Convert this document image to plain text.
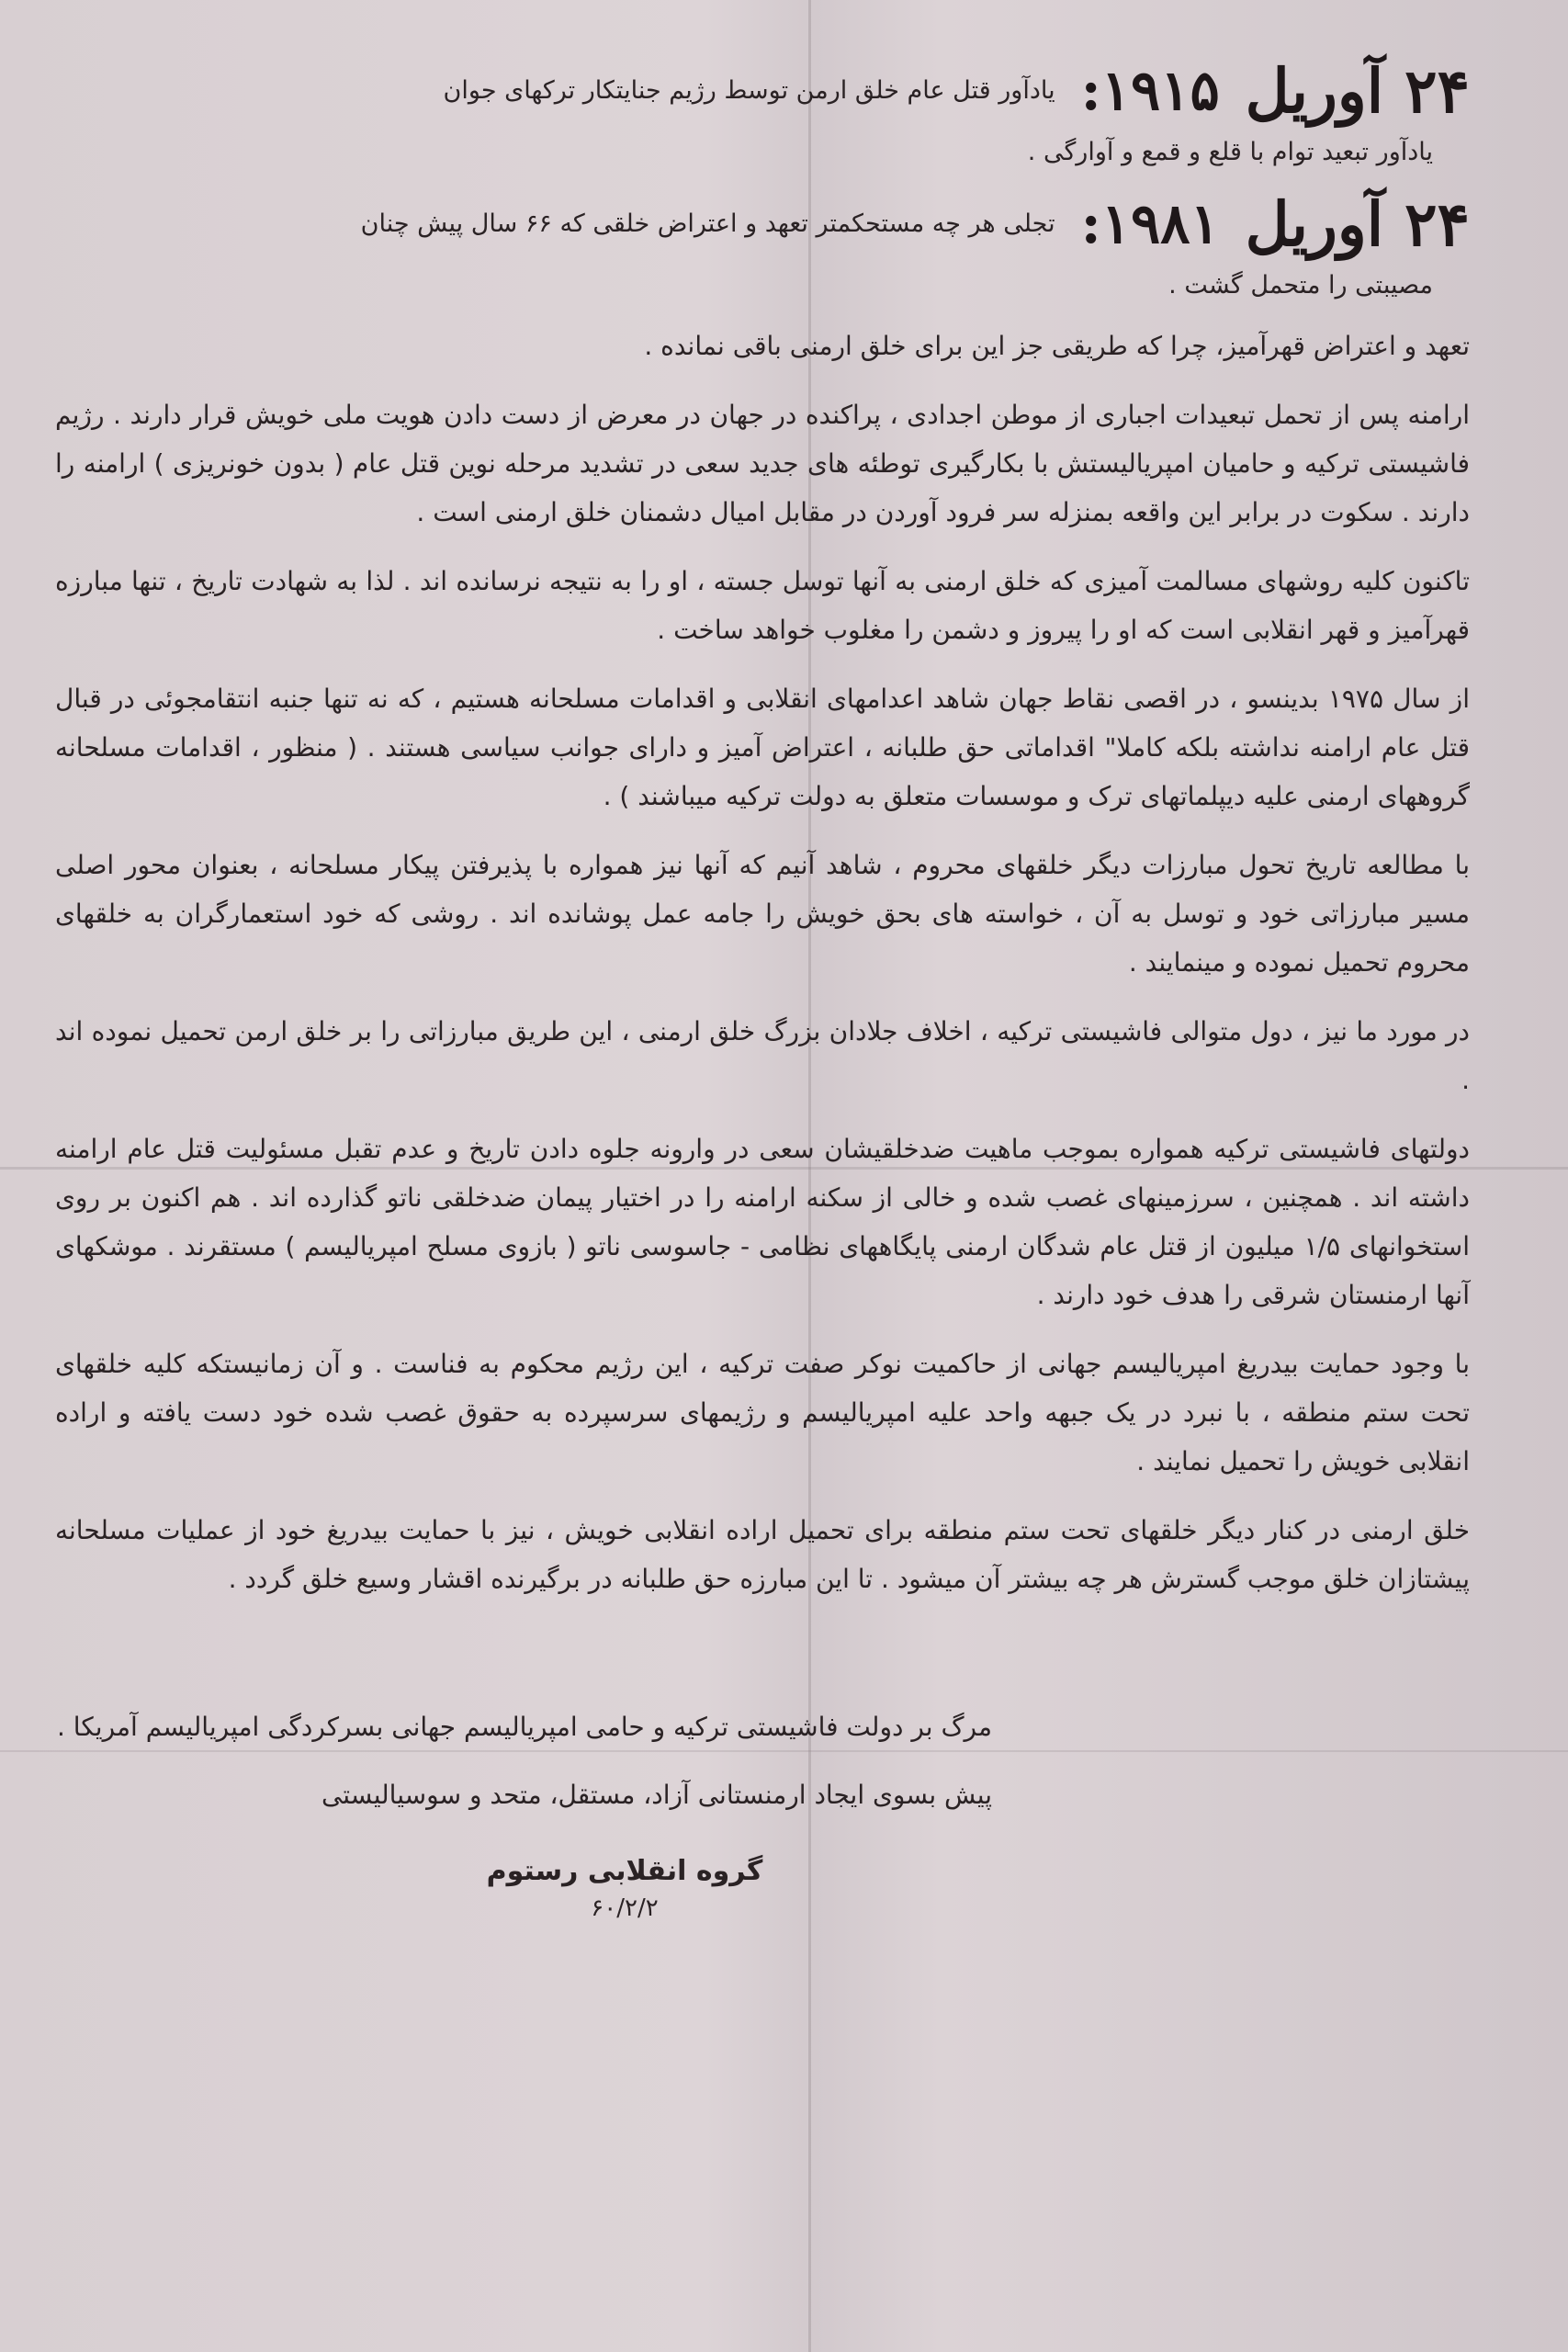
۲۴ آوریل
۱۹۱۵:
یادآور قتل عام خلق ارمن توسط رژیم جنایتکار ترکهای جوان
یادآور تبعید توام با قلع و قمع و آوارگی .
۲۴ آوریل
۱۹۸۱:
تجلی هر چه مستحکمتر تعهد و اعتراض خلقی که ۶۶ سال پیش چنان
مصیبتی را متحمل گشت .

تعهد و اعتراض قهرآمیز، چرا که طریقی جز این برای خلق ارمنی باقی نمانده .

ارامنه پس از تحمل تبعیدات اجباری از موطن اجدادی ، پراکنده در جهان در معرض از دست دادن هویت ملی خویش قرار دارند . رژیم فاشیستی ترکیه و حامیان امپریالیستش با بکارگیری توطئه های جدید سعی در تشدید مرحله نوین قتل عام ( بدون خونریزی ) ارامنه را دارند . سکوت در برابر این واقعه بمنزله سر فرود آوردن در مقابل امیال دشمنان خلق ارمنی است .

تاکنون کلیه روشهای مسالمت آمیزی که خلق ارمنی به آنها توسل جسته ، او را به نتیجه نرسانده اند . لذا به شهادت تاریخ ، تنها مبارزه قهرآمیز و قهر انقلابی است که او را پیروز و دشمن را مغلوب خواهد ساخت .

از سال ۱۹۷۵ بدینسو ، در اقصی نقاط جهان شاهد اعدامهای انقلابی و اقدامات مسلحانه هستیم ، که نه تنها جنبه انتقامجوئی در قبال قتل عام ارامنه نداشته بلکه کاملا" اقداماتی حق طلبانه ، اعتراض آمیز و دارای جوانب سیاسی هستند . ( منظور ، اقدامات مسلحانه گروههای ارمنی علیه دیپلماتهای ترک و موسسات متعلق به دولت ترکیه میباشند ) .

با مطالعه تاریخ تحول مبارزات دیگر خلقهای محروم ، شاهد آنیم که آنها نیز همواره با پذیرفتن پیکار مسلحانه ، بعنوان محور اصلی مسیر مبارزاتی خود و توسل به آن ، خواسته های بحق خویش را جامه عمل پوشانده اند . روشی که خود استعمارگران به خلقهای محروم تحمیل نموده و مینمایند .

در مورد ما نیز ، دول متوالی فاشیستی ترکیه ، اخلاف جلادان بزرگ خلق ارمنی ، این طریق مبارزاتی را بر خلق ارمن تحمیل نموده اند .

دولتهای فاشیستی ترکیه همواره بموجب ماهیت ضدخلقیشان سعی در وارونه جلوه دادن تاریخ و عدم تقبل مسئولیت قتل عام ارامنه داشته اند . همچنین ، سرزمینهای غصب شده و خالی از سکنه ارامنه را در اختیار پیمان ضدخلقی ناتو گذارده اند . هم اکنون بر روی استخوانهای ۱/۵ میلیون از قتل عام شدگان ارمنی پایگاههای نظامی - جاسوسی ناتو ( بازوی مسلح امپریالیسم ) مستقرند . موشکهای آنها ارمنستان شرقی را هدف خود دارند .

با وجود حمایت بیدریغ امپریالیسم جهانی از حاکمیت نوکر صفت ترکیه ، این رژیم محکوم به فناست . و آن زمانیستکه کلیه خلقهای تحت ستم منطقه ، با نبرد در یک جبهه واحد علیه امپریالیسم و رژیمهای سرسپرده به حقوق غصب شده خود دست یافته و اراده انقلابی خویش را تحمیل نمایند .

خلق ارمنی در کنار دیگر خلقهای تحت ستم منطقه برای تحمیل اراده انقلابی خویش ، نیز با حمایت بیدریغ خود از عملیات مسلحانه پیشتازان خلق موجب گسترش هر چه بیشتر آن میشود . تا این مبارزه حق طلبانه در برگیرنده اقشار وسیع خلق گردد .

مرگ بر دولت فاشیستی ترکیه و حامی امپریالیسم جهانی بسرکردگی امپریالیسم آمریکا .
پیش بسوی ایجاد ارمنستانی آزاد، مستقل، متحد و سوسیالیستی
گروه انقلابی رستوم
۶۰/۲/۲
